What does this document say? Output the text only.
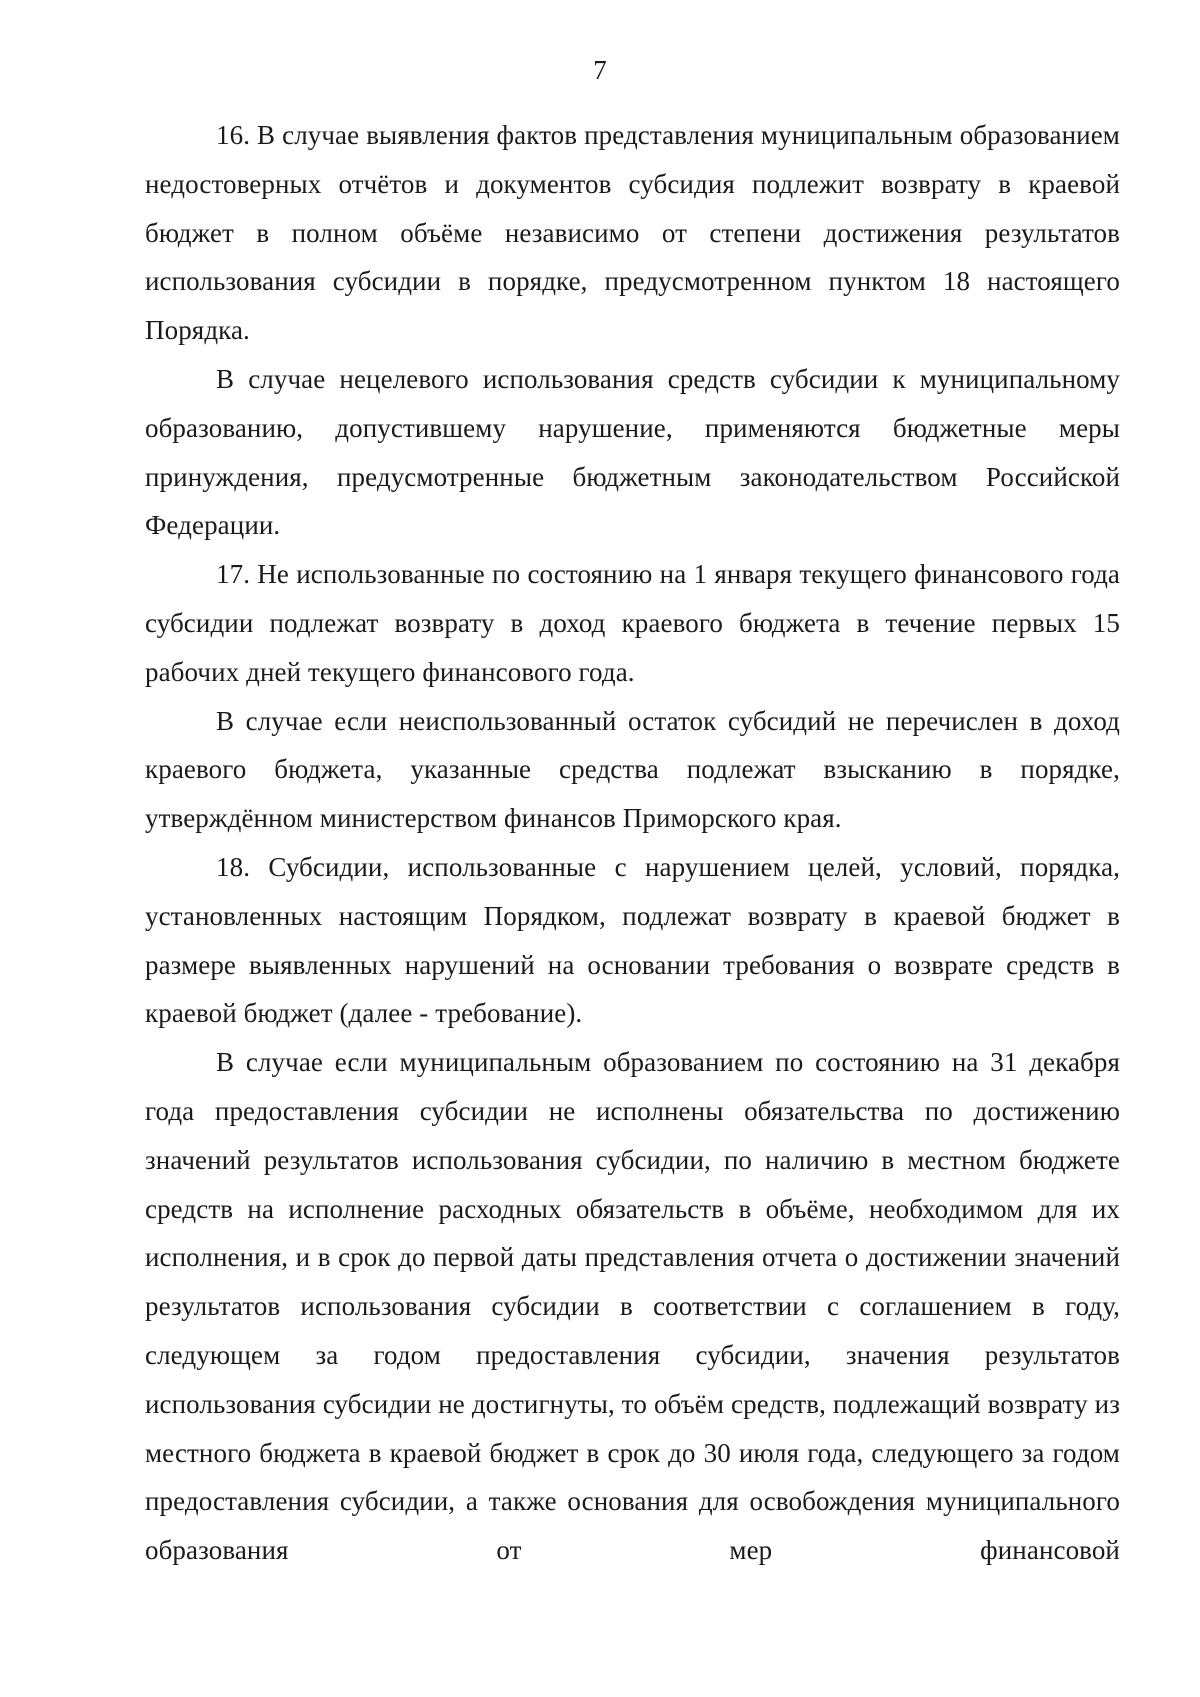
7

16. В случае выявления фактов представления муниципальным образованием недостоверных отчётов и документов субсидия подлежит возврату в краевой бюджет в полном объёме независимо от степени достижения результатов использования субсидии в порядке, предусмотренном пунктом 18 настоящего Порядка.

В случае нецелевого использования средств субсидии к муниципальному образованию, допустившему нарушение, применяются бюджетные меры принуждения, предусмотренные бюджетным законодательством Российской Федерации.

17. Не использованные по состоянию на 1 января текущего финансового года субсидии подлежат возврату в доход краевого бюджета в течение первых 15 рабочих дней текущего финансового года.

В случае если неиспользованный остаток субсидий не перечислен в доход краевого бюджета, указанные средства подлежат взысканию в порядке, утверждённом министерством финансов Приморского края.

18. Субсидии, использованные с нарушением целей, условий, порядка, установленных настоящим Порядком, подлежат возврату в краевой бюджет в размере выявленных нарушений на основании требования о возврате средств в краевой бюджет (далее - требование).

В случае если муниципальным образованием по состоянию на 31 декабря года предоставления субсидии не исполнены обязательства по достижению значений результатов использования субсидии, по наличию в местном бюджете средств на исполнение расходных обязательств в объёме, необходимом для их исполнения, и в срок до первой даты представления отчета о достижении значений результатов использования субсидии в соответствии с соглашением в году, следующем за годом предоставления субсидии, значения результатов использования субсидии не достигнуты, то объём средств, подлежащий возврату из местного бюджета в краевой бюджет в срок до 30 июля года, следующего за годом предоставления субсидии, а также основания для освобождения муниципального образования от мер финансовой
